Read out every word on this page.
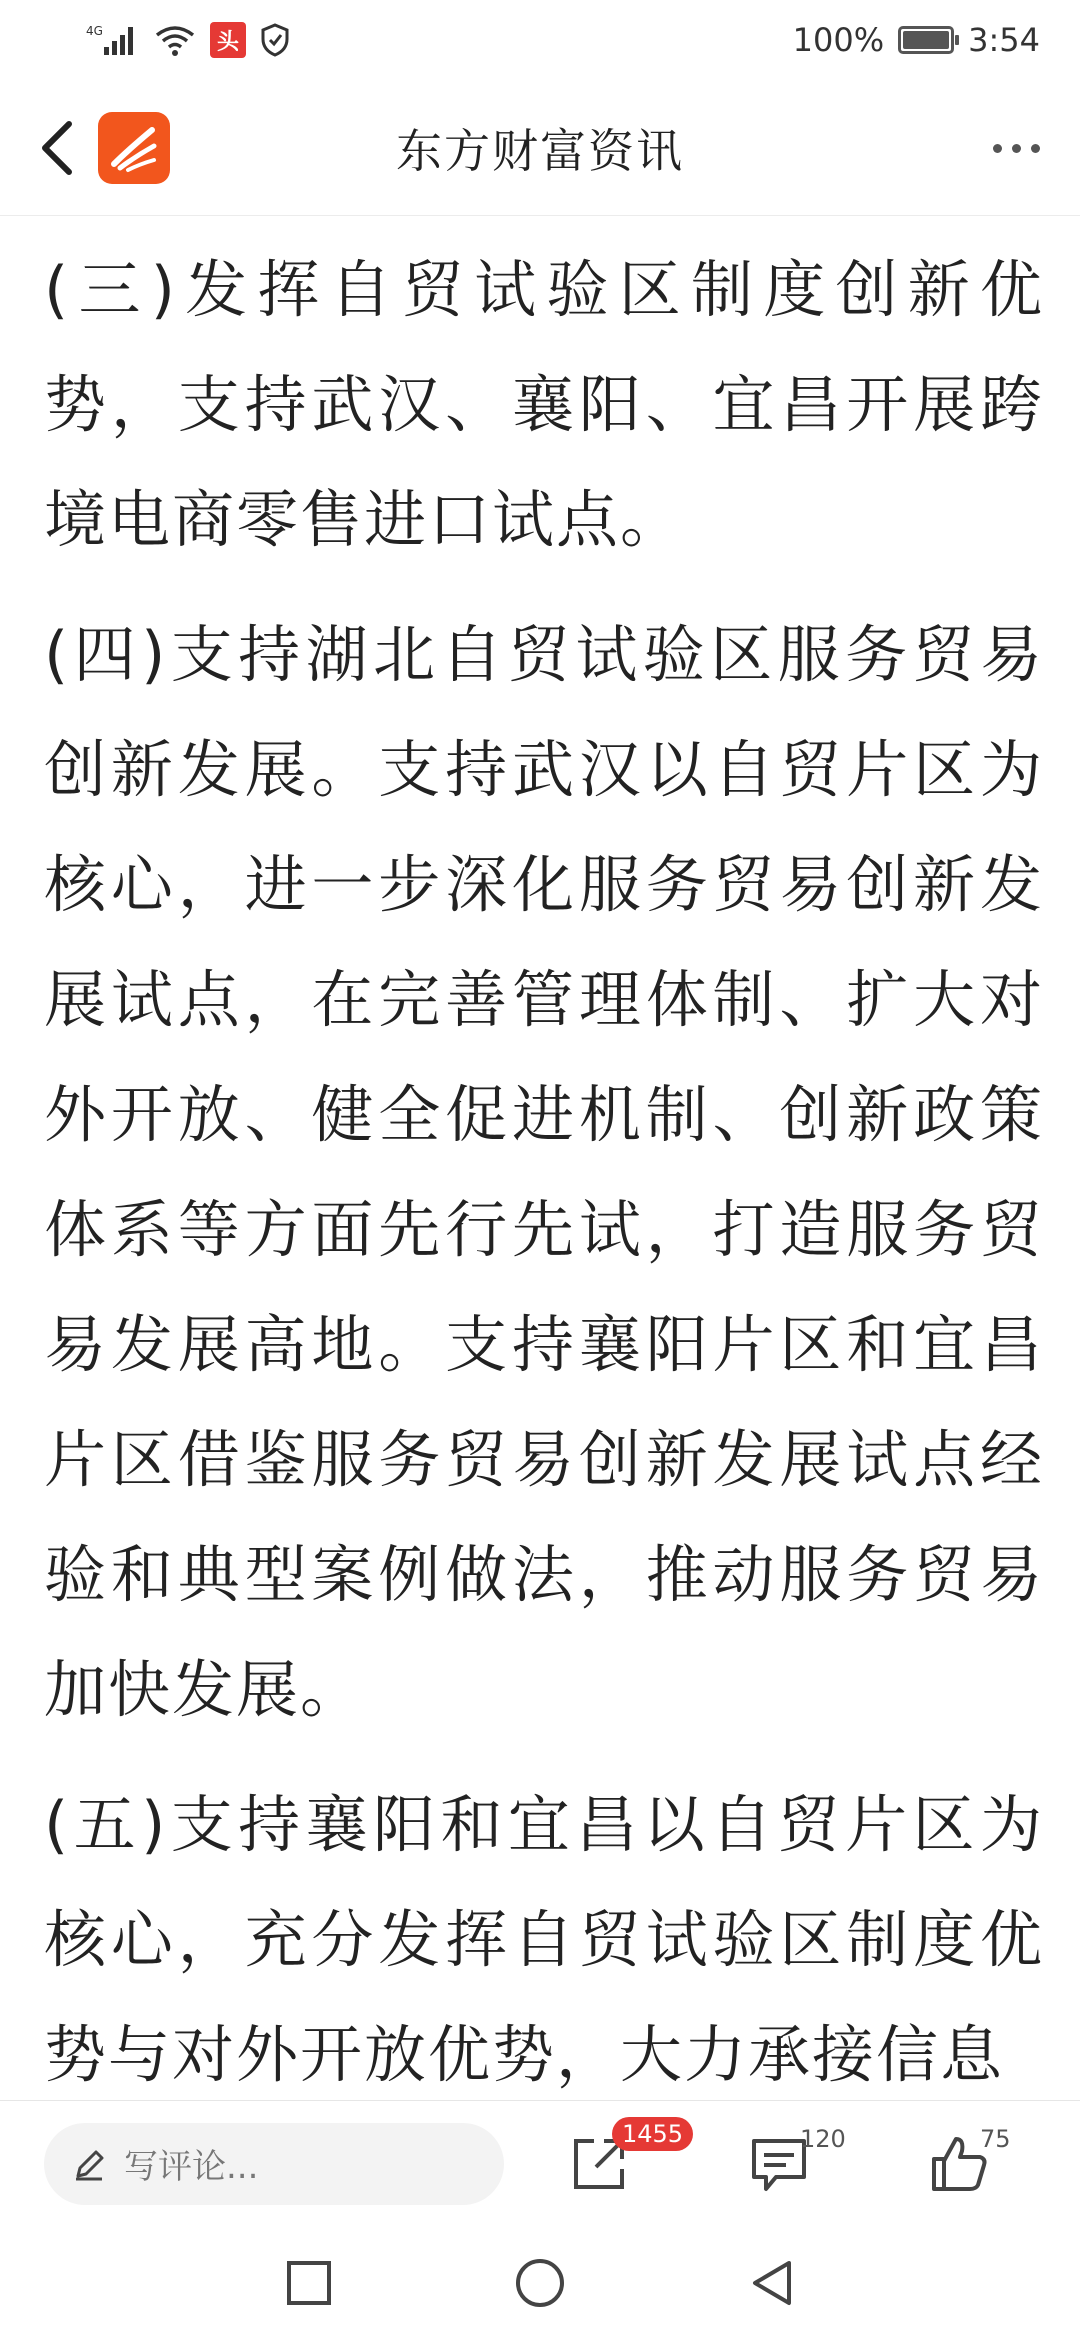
4G	头	100%	3:54
东方财富资讯

(三)发挥自贸试验区制度创新优势，支持武汉、襄阳、宜昌开展跨境电商零售进口试点。

(四)支持湖北自贸试验区服务贸易创新发展。支持武汉以自贸片区为核心，进一步深化服务贸易创新发展试点，在完善管理体制、扩大对外开放、健全促进机制、创新政策体系等方面先行先试，打造服务贸易发展高地。支持襄阳片区和宜昌片区借鉴服务贸易创新发展试点经验和典型案例做法，推动服务贸易加快发展。

(五)支持襄阳和宜昌以自贸片区为核心，充分发挥自贸试验区制度优势与对外开放优势，大力承接信息

写评论...
1455	120	75
